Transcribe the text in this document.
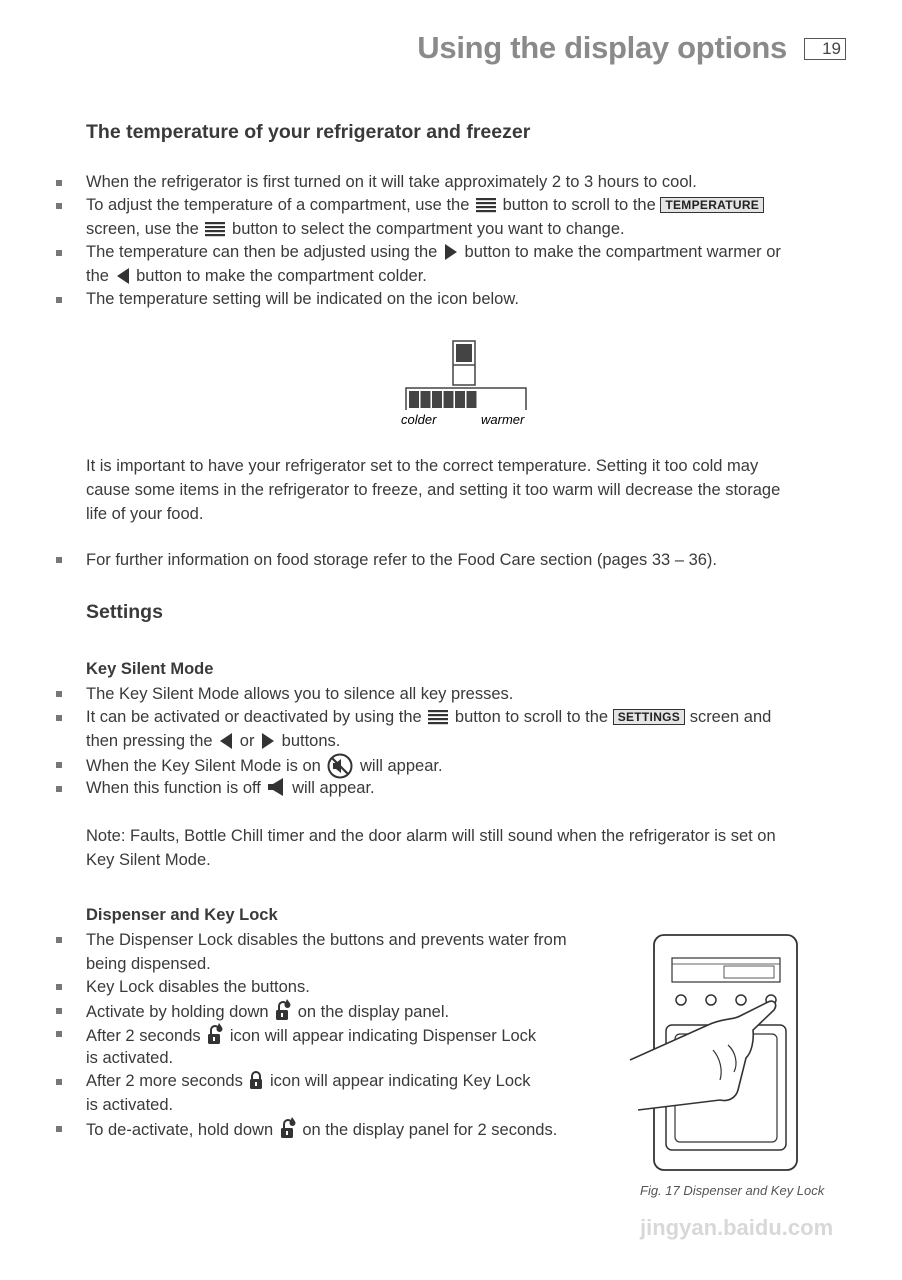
Using the display options	19
The temperature of your refrigerator and freezer
When the refrigerator is first turned on it will take approximately 2 to 3 hours to cool.
To adjust the temperature of a compartment, use the button to scroll to the TEMPERATURE
screen, use the button to select the compartment you want to change.
The temperature can then be adjusted using the button to make the compartment warmer or
the button to make the compartment colder.
The temperature setting will be indicated on the icon below.
colder	warmer
It is important to have your refrigerator set to the correct temperature. Setting it too cold may
cause some items in the refrigerator to freeze, and setting it too warm will decrease the storage
life of your food.
For further information on food storage refer to the Food Care section (pages 33 – 36).
Settings
Key Silent Mode
The Key Silent Mode allows you to silence all key presses.
It can be activated or deactivated by using the button to scroll to the SETTINGS screen and
then pressing the or buttons.
When the Key Silent Mode is on will appear.
When this function is off will appear.
Note: Faults, Bottle Chill timer and the door alarm will still sound when the refrigerator is set on
Key Silent Mode.
Dispenser and Key Lock
The Dispenser Lock disables the buttons and prevents water from
being dispensed.
Key Lock disables the buttons.
Activate by holding down on the display panel.
After 2 seconds icon will appear indicating Dispenser Lock
is activated.
After 2 more seconds icon will appear indicating Key Lock
is activated.
To de-activate, hold down on the display panel for 2 seconds.
Fig. 17 Dispenser and Key Lock
jingyan.baidu.com
